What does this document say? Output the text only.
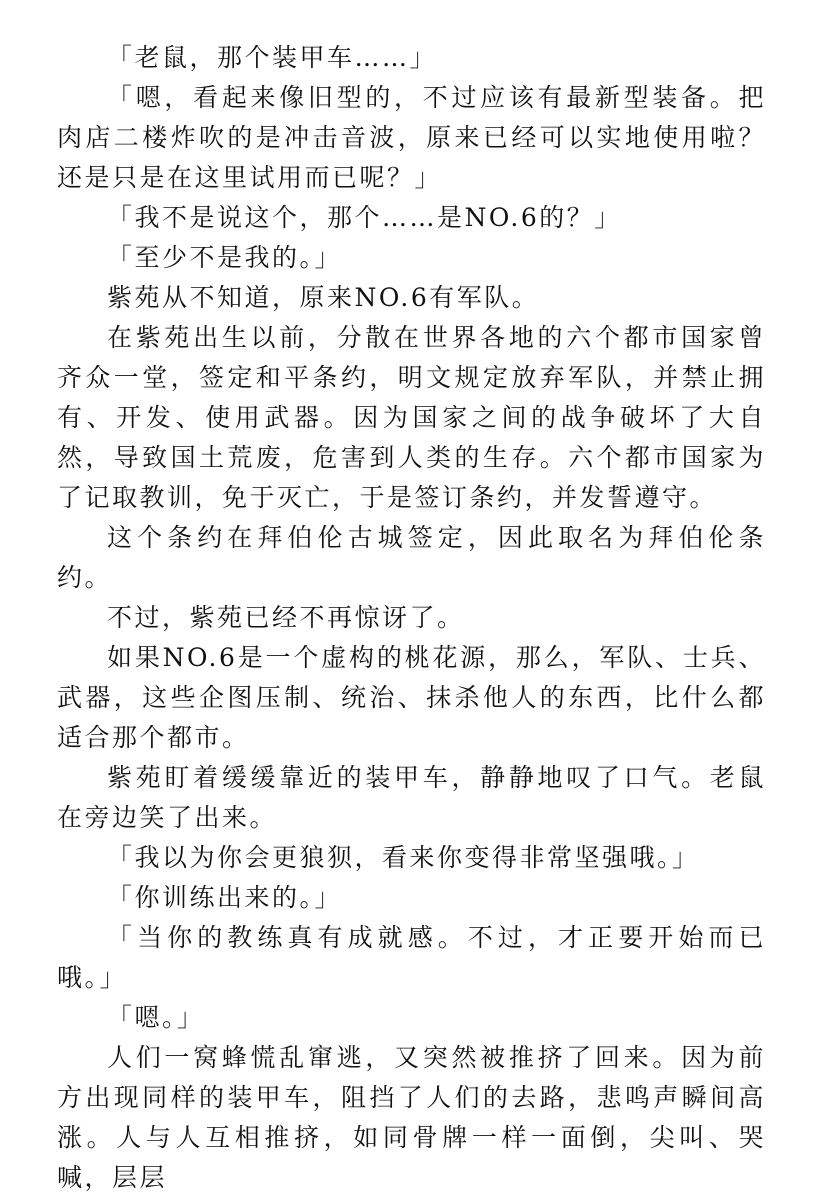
「老鼠，那个装甲车……」

「嗯，看起来像旧型的，不过应该有最新型装备。把肉店二楼炸吹的是冲击音波，原来已经可以实地使用啦？还是只是在这里试用而已呢？」

「我不是说这个，那个……是NO.6的？」

「至少不是我的。」

紫苑从不知道，原来NO.6有军队。

在紫苑出生以前，分散在世界各地的六个都市国家曾齐众一堂，签定和平条约，明文规定放弃军队，并禁止拥有、开发、使用武器。因为国家之间的战争破坏了大自然，导致国土荒废，危害到人类的生存。六个都市国家为了记取教训，免于灭亡，于是签订条约，并发誓遵守。

这个条约在拜伯伦古城签定，因此取名为拜伯伦条约。

不过，紫苑已经不再惊讶了。

如果NO.6是一个虚构的桃花源，那么，军队、士兵、武器，这些企图压制、统治、抹杀他人的东西，比什么都适合那个都市。

紫苑盯着缓缓靠近的装甲车，静静地叹了口气。老鼠在旁边笑了出来。

「我以为你会更狼狈，看来你变得非常坚强哦。」

「你训练出来的。」

「当你的教练真有成就感。不过，才正要开始而已哦。」

「嗯。」

人们一窝蜂慌乱窜逃，又突然被推挤了回来。因为前方出现同样的装甲车，阻挡了人们的去路，悲鸣声瞬间高涨。人与人互相推挤，如同骨牌一样一面倒，尖叫、哭喊，层层
